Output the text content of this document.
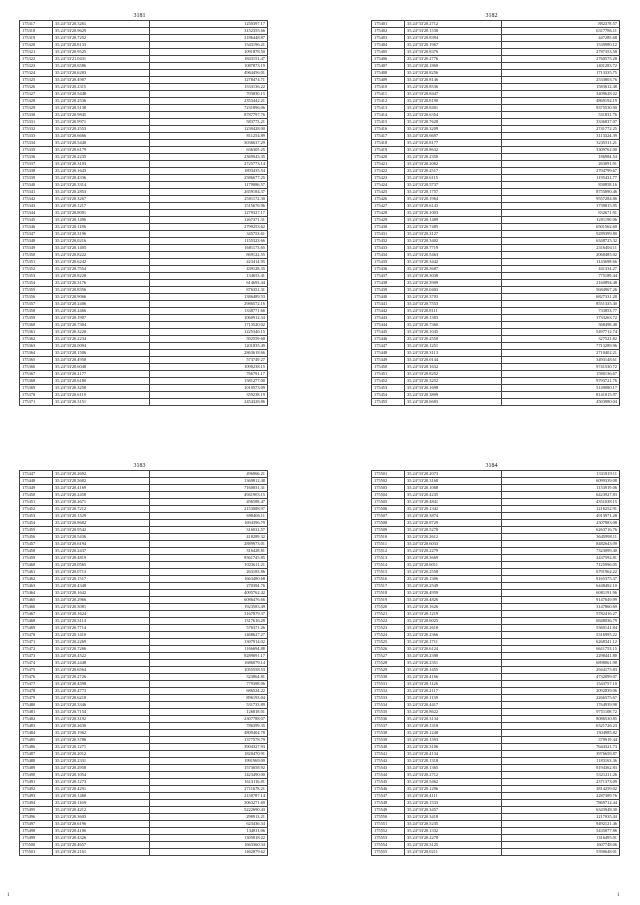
3181
175317	35.24°33'20.3261	1250397.17
175318	35.24°33'20.9629	3152355.66
175319	35.24°33'20.7252	2186448.87
175320	35.24°33'20.8133	1543196.21
175321	35.24°33'20.9525	1091878.50
175322	35.24°33'21.0431	1843151.47
175323	35.24°33'20.6586	1087873.19
175324	35.24°33'20.6283	4964456.01
175325	35.24°33'20.4907	1278474.71
175326	35.24°33'20.2315	1533136.22
175327	35.24°33'20.5448	703830.15
175328	35.24°33'20.2536	2353442.21
175329	35.24°33'20.5138	7231896.06
175330	35.24°33'20.9845	8787797.76
175331	35.24°33'20.9971	583773.21
175332	35.24°33'20.2553	1230428.00
175333	35.24°33'20.6666	811254.89
175334	35.24°33'20.5440	3036637.29
175335	35.24°33'20.6179	636305.25
175336	35.24°33'20.2235	2369043.35
175337	35.24°33'20.3103	2725773.14
175338	35.24°33'20.1643	1893435.54
175339	35.24°33'20.4336	2586677.25
175340	35.24°33'20.3314	1179086.57
175341	35.24°33'20.2853	2659184.37
175342	35.24°33'20.3267	2501172.30
175343	35.24°33'20.1217	1515676.96
175344	35.24°33'20.8001	1279327.17
175345	35.24°33'20.1496	1267371.31
175346	35.24°33'20.1186	2799253.62
175347	35.24°33'20.3196	345753.61
175348	35.24°33'20.0216	1155323.66
175349	35.24°33'20.1405	1681173.65
175350	35.24°33'20.8222	869122.55
175351	35.24°33'20.6242	423414.95
175352	35.24°33'20.7554	439128.35
175353	35.24°33'20.8228	134653.41
175354	35.24°33'20.3176	614693.44
175355	35.24°33'20.8356	876351.31
175356	35.24°33'20.9066	1386489.53
175357	35.24°33'20.2406	2986572.16
175358	35.24°33'20.2466	1338771.66
175359	35.24°33'20.1907	1060912.34
175360	35.24°33'20.7304	1713520.02
175361	35.24°33'20.3220	1225346.15
175362	35.24°33'20.2234	592559.60
175363	35.24°33'20.0094	1201835.49
175364	35.24°33'20.1506	2863618.66
175365	35.24°33'20.4950	573749.27
175366	35.24°33'20.6048	1090238.15
175367	35.24°33'20.2177	766791.17
175368	35.24°33'20.6180	1581277.00
175369	35.24°33'20.3258	1010573.09
175370	35.24°33'20.6119	359238.19
175371	35.24°33'20.3151	2454328.86
3182
175401	35.24°33'20.2712	882378.57
175402	35.24°33'20.1538	6317786.11
175403	35.24°33'20.8394	447285.68
175404	35.24°33'20.1967	1539980.12
175405	35.24°33'20.8376	2787353.58
175406	35.24°33'20.2776	2760575.28
175407	35.24°33'20.1869	1401283.72
175408	35.24°33'20.8256	1713335.75
175409	35.24°33'20.8146	2533803.76
175410	35.24°33'20.8536	1583612.48
175411	35.24°33'20.8447	3409628.22
175412	35.24°33'20.8190	4869192.19
175413	35.24°33'20.8401	9375530.90
175414	35.24°33'20.6354	531831.76
175415	35.24°33'20.7628	3336837.07
175416	35.24°33'20.3209	2741772.25
175417	35.24°33'20.6697	3113324.39
175418	35.24°33'20.8177	3235511.21
175419	35.24°33'20.8632	3309762.00
175420	35.24°33'20.2350	186984.54
175421	35.24°33'20.2062	263091.91
175422	35.24°33'20.2517	2704799.67
175423	35.24°33'20.6115	1195431.77
175424	35.24°33'20.5737	830858.16
175425	35.24°33'20.1757	8755890.46
175426	35.24°33'20.1964	9557284.86
175427	35.24°33'20.6143	1739815.95
175428	35.24°33'20.1003	832671.91
175429	35.24°33'20.1489	1201190.06
175430	35.24°33'20.7485	6501562.60
175431	35.24°33'20.3127	9289399.80
175432	35.24°33'20.3402	6348725.32
175433	35.24°33'20.7719	2316494.11
175434	35.24°33'20.5463	2068485.02
175435	35.24°33'20.3442	1143698.66
175436	35.24°33'20.3687	441334.27
175437	35.24°33'20.3038	775189.44
175438	35.24°33'20.3909	2160894.48
175439	35.24°33'20.0403	5684967.26
175440	35.24°33'20.3703	6827331.28
175441	35.24°33'20.7553	8551335.40
175442	35.24°33'20.8111	733853.77
175443	35.24°33'20.1303	1733263.72
175444	35.24°33'20.7360	368498.48
175445	35.24°33'20.1045	5497712.74
175446	35.24°33'20.2550	327521.82
175447	35.24°33'20.1251	7713289.96
175448	35.24°33'20.3113	2710402.21
175449	35.24°33'20.0144	3493148.61
175450	35.24°33'20.1632	9741530.72
175451	35.24°33'20.8252	1580136.67
175452	35.24°33'20.3252	9793721.76
175453	35.24°33'20.1698	5149880.17
175454	35.24°33'20.3809	8141015.97
175455	35.24°33'20.6683	4503980.04
3183
175447	35.24°33'20.2692	496866.21
175448	35.24°33'20.5682	1369812.48
175449	35.24°33'20.4169	7160831.31
175450	35.24°33'20.2458	4941903.15
175451	35.24°33'20.2671	496588.47
175452	35.24°33'20.7212	2153088.97
175453	35.24°33'20.1529	698406.11
175454	35.24°33'20.8682	1694396.79
175455	35.24°33'20.9542	316031.57
175456	35.24°33'20.5436	418289.32
175457	35.24°33'20.6194	2889973.01
175458	35.24°33'20.2437	316428.81
175459	35.24°33'20.4819	8361745.85
175460	35.24°33'20.0565	1023611.21
175461	35.24°33'20.0713	263183.86
175462	35.24°33'20.1517	1663480.68
175463	35.24°33'20.4348	270394.76
175464	35.24°33'20.1642	4095762.42
175465	35.24°33'20.2966	6086476.66
175466	35.24°33'20.3081	1923583.49
175467	35.24°33'20.1624	3167079.37
175468	35.24°33'20.3114	1317616.28
175469	35.24°33'20.7714	576371.26
175470	35.24°33'20.1410	1468627.27
175471	35.24°33'20.2269	1307914.02
175472	35.24°33'20.7266	1166694.88
175473	35.24°33'20.4522	8289091.17
175474	35.24°33'20.2448	1686079.14
175475	35.24°33'20.6564	1055558.53
175476	35.24°33'20.2726	323864.81
175477	35.24°33'20.4598	779398.06
175478	35.24°33'20.4773	686524.22
175479	35.24°33'20.6218	896193.04
175480	35.24°33'20.3346	531733.89
175481	35.24°33'20.7154	126818.01
175482	35.24°33'20.3192	2307788.07
175483	35.24°33'20.2630	786399.35
175484	35.24°33'20.1962	4809404.78
175485	35.24°33'20.3786	1377578.79
175486	35.24°33'20.1271	3904327.93
175487	35.24°33'20.2012	1820470.91
175488	35.24°33'20.2331	1991969.09
175489	35.24°33'20.2958	1573658.92
175490	35.24°33'20.1054	1423490.00
175491	35.24°33'20.1273	1613116.81
175492	35.24°33'20.4291	2711678.21
175493	35.24°33'20.1468	2150787.14
175494	35.24°33'20.1169	3063271.69
175495	35.24°33'20.4212	5222690.43
175496	35.24°33'20.3603	298913.21
175497	35.24°33'20.6196	623436.34
175498	35.24°33'20.4106	134811.06
175499	35.24°33'20.4326	1305818.22
175500	35.24°33'20.4657	1663360.34
175501	35.24°33'20.2161	1462879.62
3184
175501	35.24°33'20.2073	1331819.11
175502	35.24°33'20.3168	6099339.08
175503	35.24°33'20.1068	1153919.06
175504	35.24°33'20.4235	6423927.83
175505	35.24°33'20.4841	4351038.15
175506	35.24°33'20.1342	1216252.91
175507	35.24°33'20.3874	4913971.28
175508	35.24°33'20.8729	2507983.08
175509	35.24°33'20.5278	6263716.76
175510	35.24°33'20.2612	3645998.11
175511	35.24°33'20.6033	8482643.09
175512	35.24°33'20.2279	7323099.40
175513	35.24°33'20.3669	2437592.81
175514	35.24°33'20.6011	7125996.05
175515	35.24°33'20.2558	6791962.22
175516	35.24°33'20.1306	9165375.37
175517	35.24°33'20.2549	6448492.10
175518	35.24°33'20.4959	6081191.96
175519	35.24°33'20.4826	9147049.99
175520	35.24°33'20.1626	3147860.69
175521	35.24°33'20.1219	5782416.27
175522	35.24°33'20.6025	6848036.79
175523	35.24°33'20.2618	5360141.84
175524	35.24°33'20.2366	5316995.22
175525	35.24°33'20.1711	6268341.12
175526	35.24°33'20.6124	6611753.15
175527	35.24°33'20.2398	2298441.80
175528	35.24°33'20.2351	6898061.98
175529	35.24°33'20.1455	2944175.83
175530	35.24°33'20.4166	4732099.07
175531	35.24°33'20.1126	1543757.10
175532	35.24°33'20.2117	2092839.06
175533	35.24°33'20.1139	2266575.67
175534	35.24°33'20.4417	1764939.98
175535	35.24°33'20.8622	9751108.72
175536	35.24°33'20.3134	8086530.85
175537	35.24°33'20.1318	6321726.23
175538	35.24°33'20.1248	1304985.82
175539	35.24°33'20.1593	379919.44
175540	35.24°33'20.3106	7644321.73
175541	35.24°33'20.4134	3976659.87
175542	35.24°33'20.1318	1183163.36
175543	35.24°33'20.1365	8194362.83
175544	35.24°33'20.2712	5321211.26
175545	35.24°33'20.5462	2371373.09
175546	35.24°33'20.1296	3814259.02
175547	35.24°33'20.4111	2287389.76
175548	35.24°33'20.1533	7869712.44
175549	35.24°33'20.3457	6343948.30
175550	35.24°33'20.3418	1217035.44
175551	35.24°33'20.5235	9492121.46
175552	35.24°33'20.1332	5435077.86
175553	35.24°33'20.2278	1316495.01
175554	35.24°33'20.3125	1607748.06
175555	35.24°33'20.0211	5390648.01
1	1
